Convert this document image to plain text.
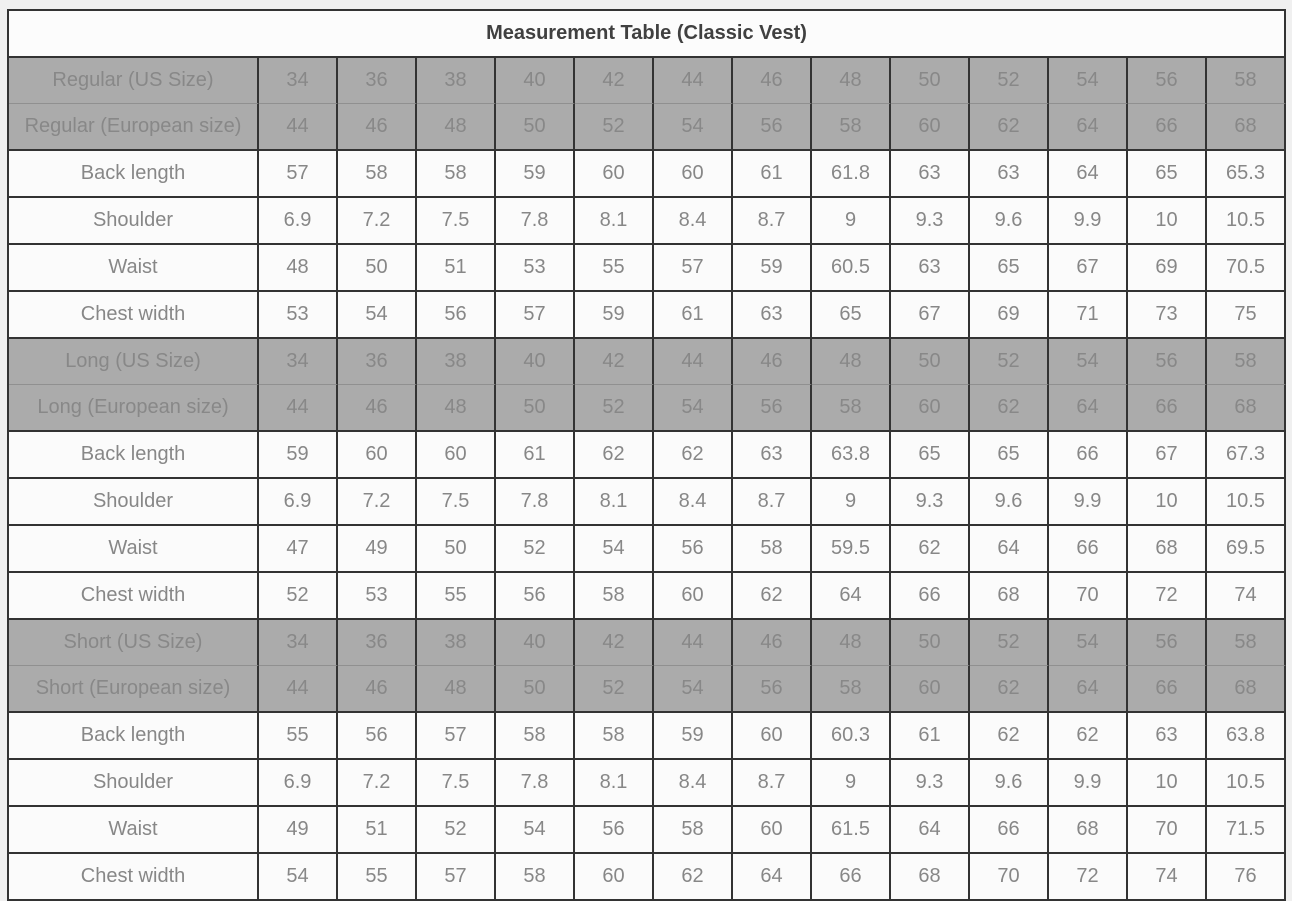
Measurement Table (Classic Vest)													
Regular (US Size)	34	36	38	40	42	44	46	48	50	52	54	56	58
Regular (European size)	44	46	48	50	52	54	56	58	60	62	64	66	68
Back length	57	58	58	59	60	60	61	61.8	63	63	64	65	65.3
Shoulder	6.9	7.2	7.5	7.8	8.1	8.4	8.7	9	9.3	9.6	9.9	10	10.5
Waist	48	50	51	53	55	57	59	60.5	63	65	67	69	70.5
Chest width	53	54	56	57	59	61	63	65	67	69	71	73	75
Long (US Size)	34	36	38	40	42	44	46	48	50	52	54	56	58
Long (European size)	44	46	48	50	52	54	56	58	60	62	64	66	68
Back length	59	60	60	61	62	62	63	63.8	65	65	66	67	67.3
Shoulder	6.9	7.2	7.5	7.8	8.1	8.4	8.7	9	9.3	9.6	9.9	10	10.5
Waist	47	49	50	52	54	56	58	59.5	62	64	66	68	69.5
Chest width	52	53	55	56	58	60	62	64	66	68	70	72	74
Short (US Size)	34	36	38	40	42	44	46	48	50	52	54	56	58
Short (European size)	44	46	48	50	52	54	56	58	60	62	64	66	68
Back length	55	56	57	58	58	59	60	60.3	61	62	62	63	63.8
Shoulder	6.9	7.2	7.5	7.8	8.1	8.4	8.7	9	9.3	9.6	9.9	10	10.5
Waist	49	51	52	54	56	58	60	61.5	64	66	68	70	71.5
Chest width	54	55	57	58	60	62	64	66	68	70	72	74	76
